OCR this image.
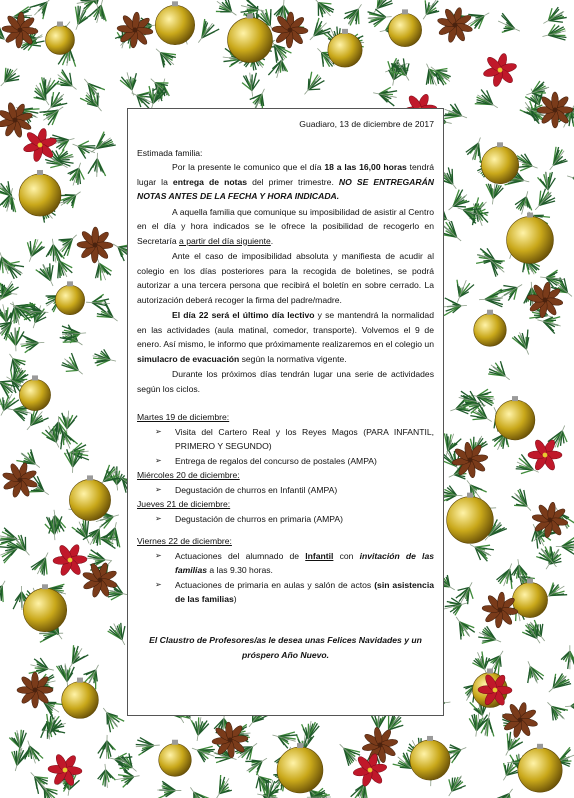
Guadiaro, 13 de diciembre de 2017
Estimada familia:

Por la presente le comunico que el día 18 a las 16,00 horas tendrá lugar la entrega de notas del primer trimestre. NO SE ENTREGARÁN NOTAS ANTES DE LA FECHA Y HORA INDICADA.

A aquella familia que comunique su imposibilidad de asistir al Centro en el día y hora indicados se le ofrece la posibilidad de recogerlo en Secretaría a partir del día siguiente.

Ante el caso de imposibilidad absoluta y manifiesta de acudir al colegio en los días posteriores para la recogida de boletines, se podrá autorizar a una tercera persona que recibirá el boletín en sobre cerrado. La autorización deberá recoger la firma del padre/madre.

El día 22 será el último día lectivo y se mantendrá la normalidad en las actividades (aula matinal, comedor, transporte). Volvemos el 9 de enero. Así mismo, le informo que próximamente realizaremos en el colegio un simulacro de evacuación según la normativa vigente.

Durante los próximos días tendrán lugar una serie de actividades según los ciclos.

Martes 19 de diciembre:
➢ Visita del Cartero Real y los Reyes Magos (PARA INFANTIL, PRIMERO Y SEGUNDO)
➢ Entrega de regalos del concurso de postales (AMPA)
Miércoles 20 de diciembre:
➢ Degustación de churros en Infantil (AMPA)
Jueves 21 de diciembre:
➢ Degustación de churros en primaria (AMPA)
Viernes 22 de diciembre:
➢ Actuaciones del alumnado de Infantil con invitación de las familias a las 9.30 horas.
➢ Actuaciones de primaria en aulas y salón de actos (sin asistencia de las familias)
El Claustro de Profesores/as le desea unas Felices Navidades y un próspero Año Nuevo.
